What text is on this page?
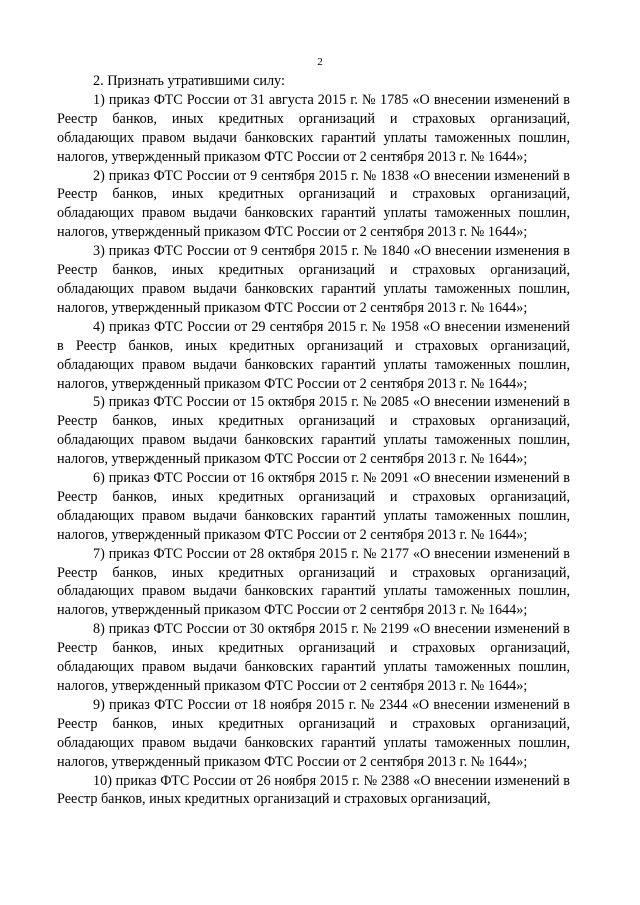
2

2. Признать утратившими силу:

1) приказ ФТС России от 31 августа 2015 г. № 1785 «О внесении изменений в Реестр банков, иных кредитных организаций и страховых организаций, обладающих правом выдачи банковских гарантий уплаты таможенных пошлин, налогов, утвержденный приказом ФТС России от 2 сентября 2013 г. № 1644»;

2) приказ ФТС России от 9 сентября 2015 г. № 1838 «О внесении изменений в Реестр банков, иных кредитных организаций и страховых организаций, обладающих правом выдачи банковских гарантий уплаты таможенных пошлин, налогов, утвержденный приказом ФТС России от 2 сентября 2013 г. № 1644»;

3) приказ ФТС России от 9 сентября 2015 г. № 1840 «О внесении изменения в Реестр банков, иных кредитных организаций и страховых организаций, обладающих правом выдачи банковских гарантий уплаты таможенных пошлин, налогов, утвержденный приказом ФТС России от 2 сентября 2013 г. № 1644»;

4) приказ ФТС России от 29 сентября 2015 г. № 1958 «О внесении изменений в Реестр банков, иных кредитных организаций и страховых организаций, обладающих правом выдачи банковских гарантий уплаты таможенных пошлин, налогов, утвержденный приказом ФТС России от 2 сентября 2013 г. № 1644»;

5) приказ ФТС России от 15 октября 2015 г. № 2085 «О внесении изменений в Реестр банков, иных кредитных организаций и страховых организаций, обладающих правом выдачи банковских гарантий уплаты таможенных пошлин, налогов, утвержденный приказом ФТС России от 2 сентября 2013 г. № 1644»;

6) приказ ФТС России от 16 октября 2015 г. № 2091 «О внесении изменений в Реестр банков, иных кредитных организаций и страховых организаций, обладающих правом выдачи банковских гарантий уплаты таможенных пошлин, налогов, утвержденный приказом ФТС России от 2 сентября 2013 г. № 1644»;

7) приказ ФТС России от 28 октября 2015 г. № 2177 «О внесении изменений в Реестр банков, иных кредитных организаций и страховых организаций, обладающих правом выдачи банковских гарантий уплаты таможенных пошлин, налогов, утвержденный приказом ФТС России от 2 сентября 2013 г. № 1644»;

8) приказ ФТС России от 30 октября 2015 г. № 2199 «О внесении изменений в Реестр банков, иных кредитных организаций и страховых организаций, обладающих правом выдачи банковских гарантий уплаты таможенных пошлин, налогов, утвержденный приказом ФТС России от 2 сентября 2013 г. № 1644»;

9) приказ ФТС России от 18 ноября 2015 г. № 2344 «О внесении изменений в Реестр банков, иных кредитных организаций и страховых организаций, обладающих правом выдачи банковских гарантий уплаты таможенных пошлин, налогов, утвержденный приказом ФТС России от 2 сентября 2013 г. № 1644»;

10) приказ ФТС России от 26 ноября 2015 г. № 2388 «О внесении изменений в Реестр банков, иных кредитных организаций и страховых организаций,
